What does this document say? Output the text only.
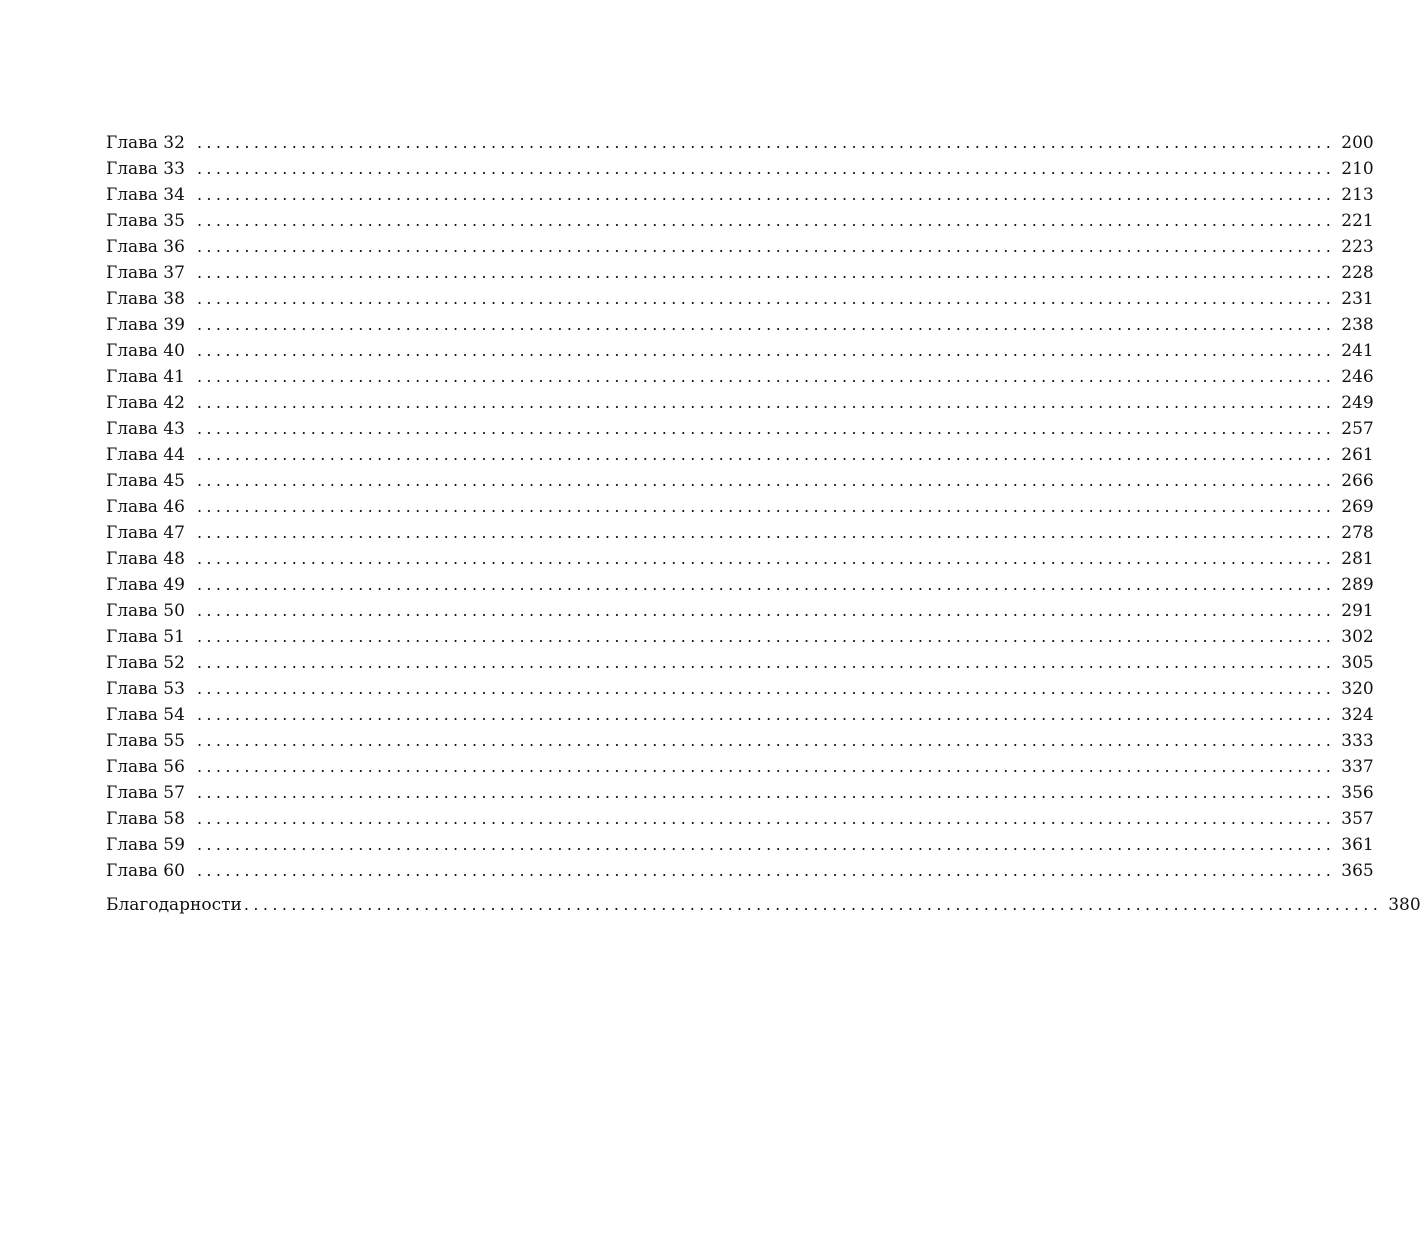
Глава 32 ........................................................................................................................ 200
Глава 33 ........................................................................................................................ 210
Глава 34 ........................................................................................................................ 213
Глава 35 ........................................................................................................................ 221
Глава 36 ........................................................................................................................ 223
Глава 37 ........................................................................................................................ 228
Глава 38 ........................................................................................................................ 231
Глава 39 ........................................................................................................................ 238
Глава 40 ........................................................................................................................ 241
Глава 41 ........................................................................................................................ 246
Глава 42 ........................................................................................................................ 249
Глава 43 ........................................................................................................................ 257
Глава 44 ........................................................................................................................ 261
Глава 45 ........................................................................................................................ 266
Глава 46 ........................................................................................................................ 269
Глава 47 ........................................................................................................................ 278
Глава 48 ........................................................................................................................ 281
Глава 49 ........................................................................................................................ 289
Глава 50 ........................................................................................................................ 291
Глава 51 ........................................................................................................................ 302
Глава 52 ........................................................................................................................ 305
Глава 53 ........................................................................................................................ 320
Глава 54 ........................................................................................................................ 324
Глава 55 ........................................................................................................................ 333
Глава 56 ........................................................................................................................ 337
Глава 57 ........................................................................................................................ 356
Глава 58 ........................................................................................................................ 357
Глава 59 ........................................................................................................................ 361
Глава 60 ........................................................................................................................ 365
Благодарности ........................................................................................................................ 380
